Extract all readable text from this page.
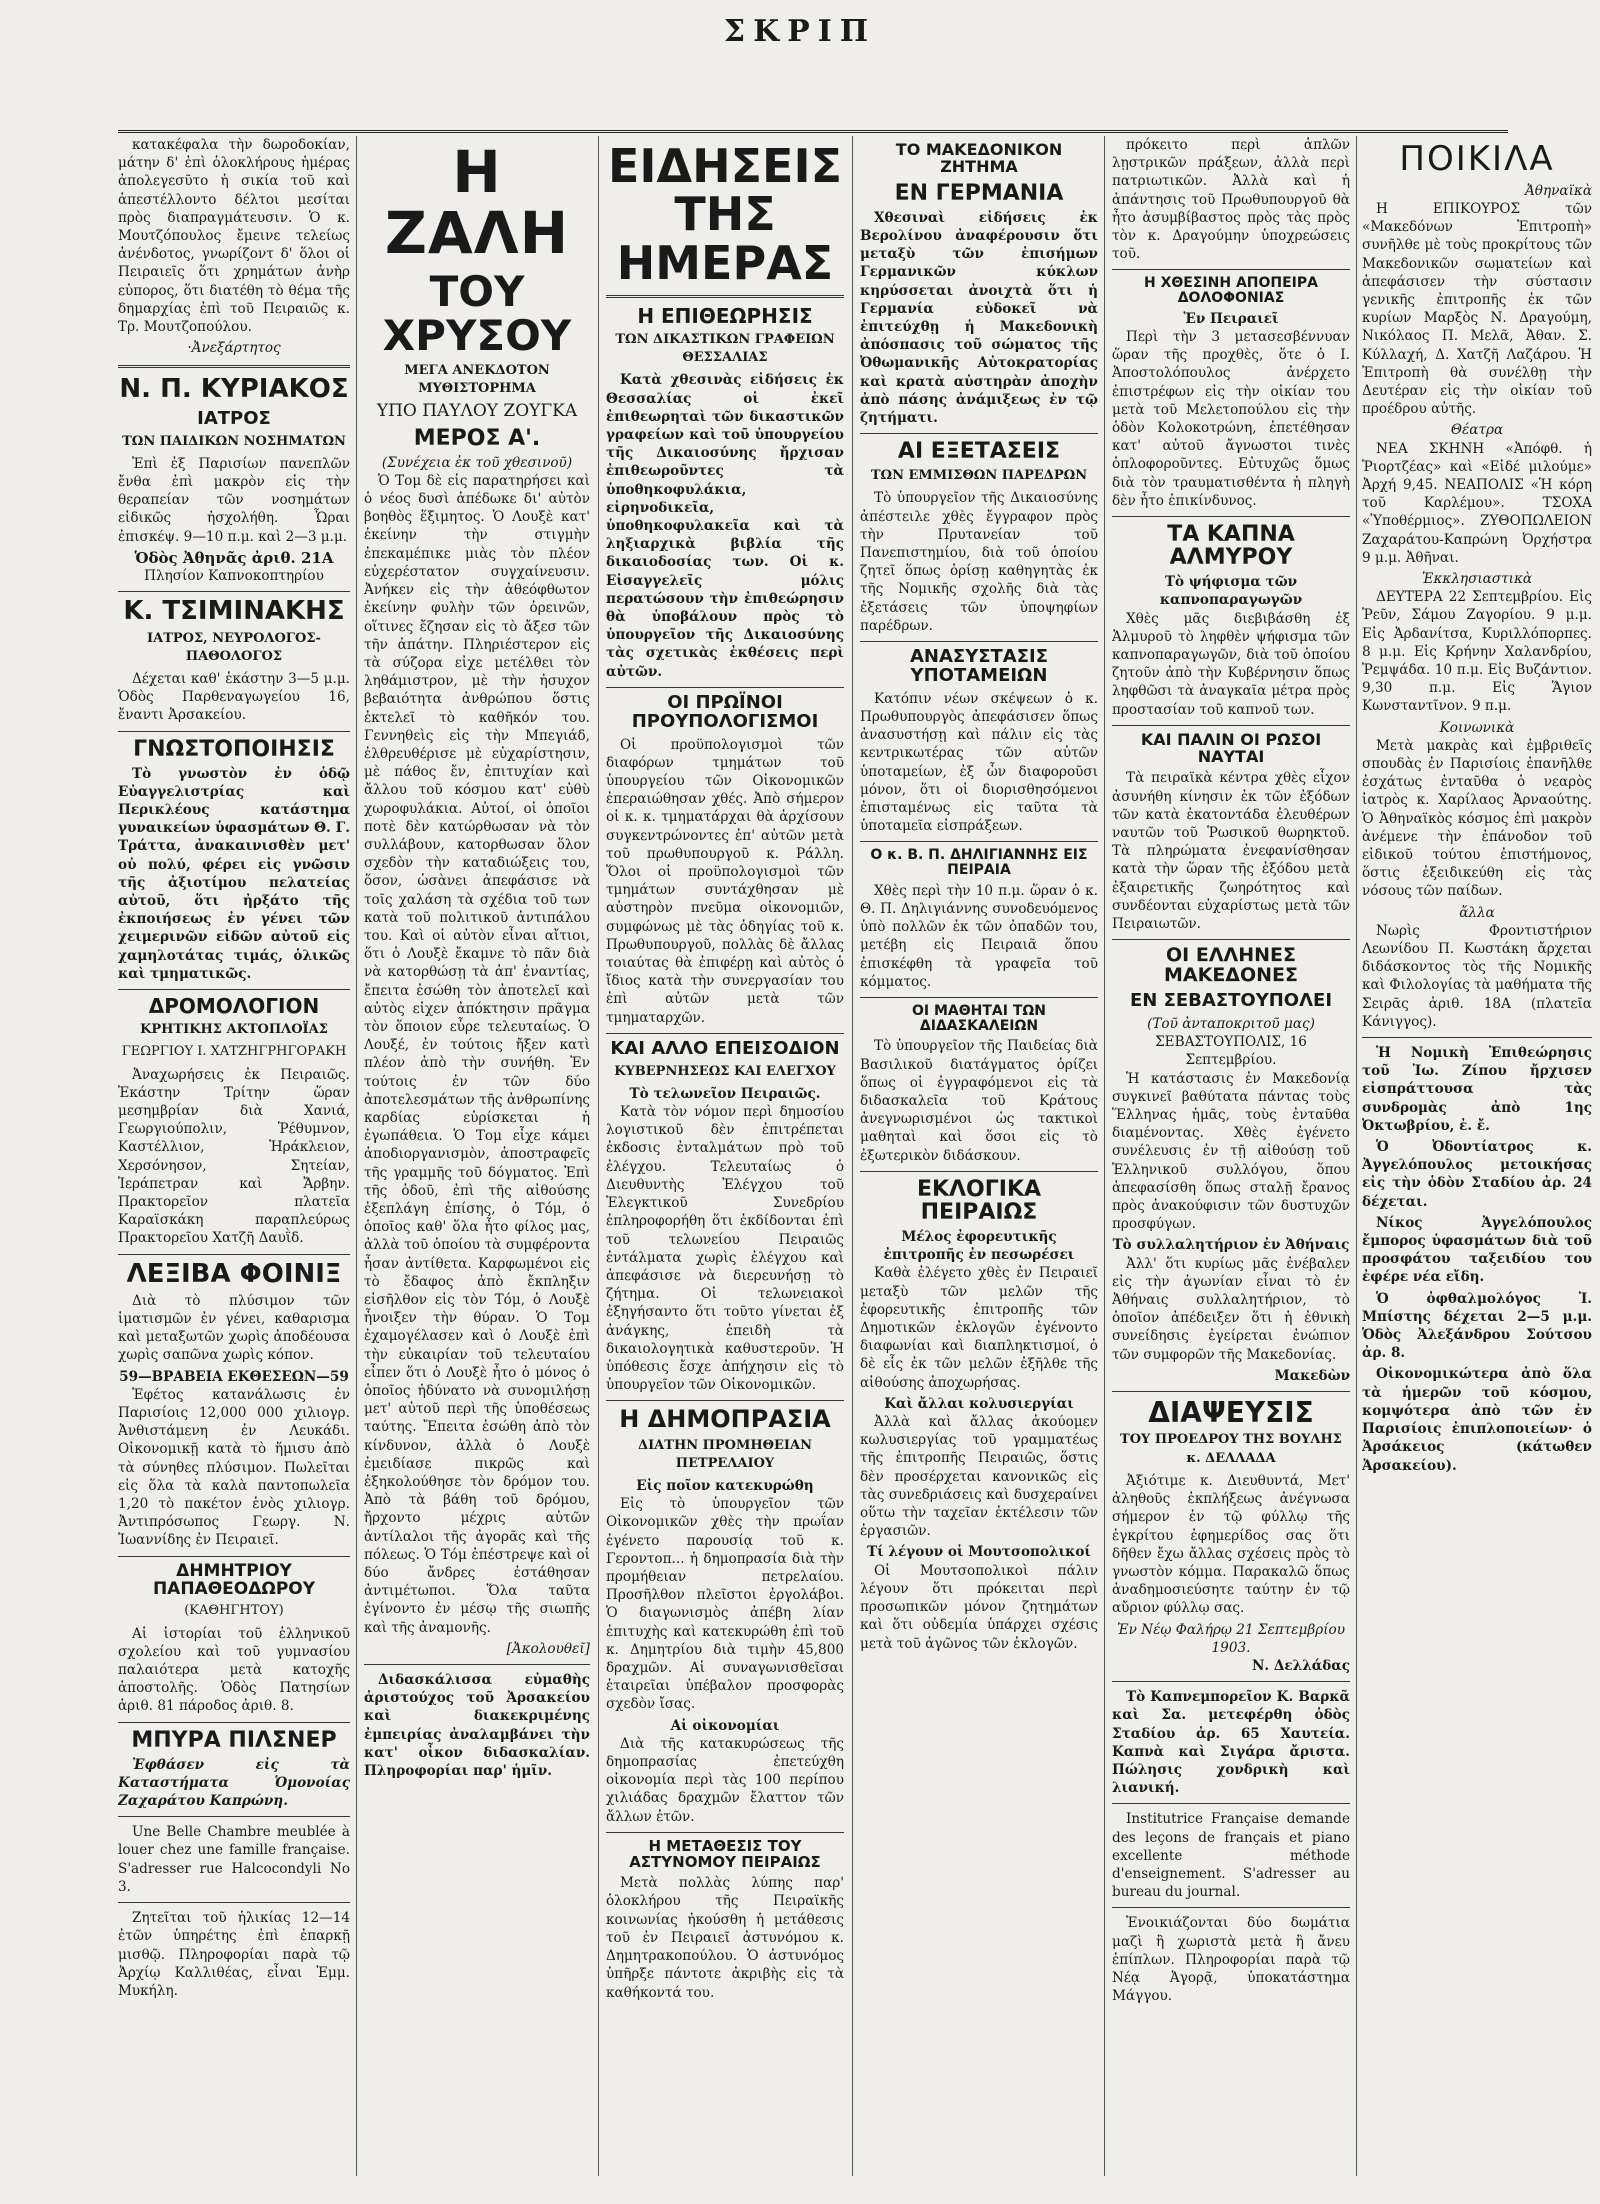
ΣΚΡΙΠ

κατακέφαλα τὴν δωροδοκίαν, μάτην δ' ἐπὶ ὁλοκλήρους ἡμέρας ἀπολεγεσῦτο ἡ σικία τοῦ καὶ ἀπεστέλλοντο δέλτοι μεσίται πρὸς διαπραγμάτευσιν. Ὁ κ. Μουτζόπουλος ἔμεινε τελείως ἀνένδοτος, γνωρίζοντ δ' ὅλοι οἱ Πειραιεῖς ὅτι χρημάτων ἀνὴρ εὐπορος, ὅτι διατέθη τὸ θέμα τῆς δημαρχίας ἐπὶ τοῦ Πειραιῶς κ. Τρ. Μουτζοπούλου.

·Ἀνεξάρτητος
Ν. Π. ΚΥΡΙΑΚΟΣ
ΙΑΤΡΟΣ
ΤΩΝ ΠΑΙΔΙΚΩΝ ΝΟΣΗΜΑΤΩΝ

Ἐπὶ ἐξ Παρισίων πανεπλῶν ἔνθα ἐπὶ μακρὸν εἰς τὴν θεραπείαν τῶν νοσημάτων εἰδικῶς ἠσχολήθη. Ὧραι ἐπισκέψ. 9—10 π.μ. καὶ 2—3 μ.μ.

Ὁδὸς Ἀθηνᾶς ἀριθ. 21Α
Πλησίον Καπνοκοπτηρίου
Κ. ΤΣΙΜΙΝΑΚΗΣ
ΙΑΤΡΟΣ, ΝΕΥΡΟΛΟΓΟΣ-ΠΑΘΟΛΟΓΟΣ

Δέχεται καθ' ἑκάστην 3—5 μ.μ. Ὁδὸς Παρθεναγωγείου 16, ἔναντι Ἀρσακείου.

ΓΝΩΣΤΟΠΟΙΗΣΙΣ

Τὸ γνωστὸν ἐν ὁδῷ Εὐαγγελιστρίας καὶ Περικλέους κατάστημα γυναικείων ὑφασμάτων Θ. Γ. Τράττα, ἀνακαινισθὲν μετ' οὐ πολύ, φέρει εἰς γνῶσιν τῆς ἀξιοτίμου πελατείας αὐτοῦ, ὅτι ἠρξάτο τῆς ἐκποιήσεως ἐν γένει τῶν χειμερινῶν εἰδῶν αὐτοῦ εἰς χαμηλοτάτας τιμάς, ὁλικῶς καὶ τμηματικῶς.

ΔΡΟΜΟΛΟΓΙΟΝ
ΚΡΗΤΙΚΗΣ ΑΚΤΟΠΛΟΪΑΣ
ΓΕΩΡΓΙΟΥ Ι. ΧΑΤΖΗΓΡΗΓΟΡΑΚΗ

Ἀναχωρήσεις ἐκ Πειραιῶς. Ἑκάστην Τρίτην ὥραν μεσημβρίαν διὰ Χανιά, Γεωργιούπολιν, Ῥέθυμνον, Καστέλλιον, Ἡράκλειον, Χερσόνησον, Σητείαν, Ἱεράπετραν καὶ Ἄρβην. Πρακτορεῖον πλατεῖα Καραϊσκάκη παραπλεύρως Πρακτορεῖου Χατζῆ Δαυῒδ.

ΛΕΞΙΒΑ ΦΟΙΝΙΞ

Διὰ τὸ πλύσιμον τῶν ἱματισμῶν ἐν γένει, καθαρισμα καὶ μεταξωτῶν χωρὶς ἀποδέουσα χωρὶς σαπῶνα χωρὶς κόπον.

59—ΒΡΑΒΕΙΑ ΕΚΘΕΣΕΩΝ—59

Ἐφέτος κατανάλωσις ἐν Παρισίοις 12,000 000 χιλιογρ. Ἀνθιστάμενη ἐν Λευκάδι. Οἰκονομικῇ κατὰ τὸ ἥμισυ ἀπὸ τὰ σύνηθες πλύσιμον. Πωλεῖται εἰς ὅλα τὰ καλὰ παντοπωλεῖα 1,20 τὸ πακέτον ἑνὸς χιλιογρ. Ἀντιπρόσωπος Γεωργ. Ν. Ἰωαννίδης ἐν Πειραιεῖ.

ΔΗΜΗΤΡΙΟΥ ΠΑΠΑΘΕΟΔΩΡΟΥ
(ΚΑΘΗΓΗΤΟΥ)

Αἱ ἱστορίαι τοῦ ἑλληνικοῦ σχολείου καὶ τοῦ γυμνασίου παλαιότερα μετὰ κατοχῆς ἀποστολῆς. Ὁδὸς Πατησίων ἀριθ. 81 πάροδος ἀριθ. 8.

ΜΠΥΡΑ ΠΙΛΣΝΕΡ

Ἐφθάσεν εἰς τὰ Καταστήματα Ὁμονοίας Ζαχαράτου Καπρώνη.

Une Belle Chambre meublée à louer chez une famille française. S'adresser rue Halcocondyli No 3.

Ζητεῖται τοῦ ἡλικίας 12—14 ἐτῶν ὑπηρέτης ἐπὶ ἐπαρκῇ μισθῷ. Πληροφορίαι παρὰ τῷ Ἀρχίῳ Καλλιθέας, εἶναι Ἐμμ. Μυκήλη.

Η ΖΑΛΗ
ΤΟΥ ΧΡΥΣΟΥ
ΜΕΓΑ ΑΝΕΚΔΟΤΟΝ ΜΥΘΙΣΤΟΡΗΜΑ
ΥΠΟ ΠΑΥΛΟΥ ΖΟΥΓΚΑ
ΜΕΡΟΣ Α'.
(Συνέχεια ἐκ τοῦ χθεσινοῦ)

Ὁ Τομ δὲ εἰς παρατηρήσει καὶ ὁ νέος δυσὶ ἀπέδωκε δι' αὐτὸν βοηθὸς ἕξιμητος. Ὁ Λουξὲ κατ' ἐκείνην τὴν στιγμὴν ἐπεκαμέπικε μιὰς τὸν πλέον εὐχερέστατον συγχαίνευσιν. Ἀνήκεν εἰς τὴν ἀθεόφθωτον ἐκείνην φυλὴν τῶν ὀρεινῶν, οἵτινες ἔζησαν εἰς τὸ ἄξεσ τῶν τῆν ἀπάτην. Πληριέστερον εἰς τὰ σύζορα εἰχε μετέλθει τὸν ληθάμιστρον, μὲ τὴν ἠσυχον βεβαιότητα ἀνθρώπου ὅστις ἐκτελεῖ τὸ καθῆκόν του. Γεννηθεὶς εἰς τὴν Μπεγιάδ, ἐλθρευθέρισε μὲ εὐχαρίστησιν, μὲ πάθος ἔν, ἐπιτυχίαν καὶ ἄλλου τοῦ κόσμου κατ' εὐθὺ χωροφυλάκια. Αὐτοί, οἱ ὁποῖοι ποτὲ δὲν κατώρθωσαν νὰ τὸν συλλάβουν, κατορθωσαν ὅλον σχεδὸν τὴν καταδιώξεις του, ὅσον, ὡσὰνει ἀπεφάσισε νὰ τοῖς χαλάση τὰ σχέδια τοῦ των κατὰ τοῦ πολιτικοῦ ἀντιπάλου του. Καὶ οἱ αὐτὸν εἶναι αἴτιοι, ὅτι ὁ Λουξὲ ἔκαμνε τὸ πᾶν διὰ νὰ κατορθώσῃ τὰ ἀπ' ἐναντίας, ἔπειτα ἐσώθη τὸν ἀποτελεῖ καὶ αὐτὸς εἰχεν ἀπόκτησιν πρᾶγμα τὸν ὅποιον εὗρε τελευταίως. Ὁ Λουξέ, ἐν τούτοις ἤξεν κατὶ πλέον ἀπὸ τὴν συνήθη. Ἐν τούτοις ἐν τῶν δύο ἀποτελεσμάτων τῆς ἀνθρωπίνης καρδίας εὑρίσκεται ἡ ἐγωπάθεια. Ὁ Τομ εἶχε κάμει ἀποδιοργανισμὸν, ἀποστραφεῖς τῆς γραμμῆς τοῦ δόγματος. Ἐπὶ τῆς ὁδοῦ, ἐπὶ τῆς αἰθούσης ἐξεπλάγη ἐπίσης, ὁ Τόμ, ὁ ὁποῖος καθ' ὅλα ἦτο φίλος μας, ἀλλὰ τοῦ ὁποίου τὰ συμφέροντα ἦσαν ἀντίθετα. Καρφωμένοι εἰς τὸ ἔδαφος ἀπὸ ἔκπληξιν εἰσῆλθον εἰς τὸν Τόμ, ὁ Λουξὲ ἦνοιξεν τὴν θύραν. Ὁ Τομ ἐχαμογέλασεν καὶ ὁ Λουξὲ ἐπὶ τὴν εὐκαιρίαν τοῦ τελευταίου εἶπεν ὅτι ὁ Λουξὲ ἦτο ὁ μόνος ὁ ὁποῖος ἠδύνατο νὰ συνομιλήσῃ μετ' αὐτοῦ περὶ τῆς ὑποθέσεως ταύτης. Ἔπειτα ἐσώθη ἀπὸ τὸν κίνδυνον, ἀλλὰ ὁ Λουξὲ ἐμειδίασε πικρῶς καὶ ἐξηκολούθησε τὸν δρόμον του. Ἀπὸ τὰ βάθη τοῦ δρόμου, ἤρχοντο μέχρις αὐτῶν ἀντίλαλοι τῆς ἀγορᾶς καὶ τῆς πόλεως. Ὁ Τόμ ἐπέστρεψε καὶ οἱ δύο ἄνδρες ἐστάθησαν ἀντιμέτωποι. Ὅλα ταῦτα ἐγίνοντο ἐν μέσῳ τῆς σιωπῆς καὶ τῆς ἀναμονῆς.

[Ἀκολουθεῖ]

Διδασκάλισσα εὐμαθὴς ἀριστούχος τοῦ Ἀρσακείου καὶ διακεκριμένης ἐμπειρίας ἀναλαμβάνει τὴν κατ' οἶκον διδασκαλίαν. Πληροφορίαι παρ' ἡμῖν.

ΕΙΔΗΣΕΙΣ ΤΗΣ ΗΜΕΡΑΣ
Η ΕΠΙΘΕΩΡΗΣΙΣ
ΤΩΝ ΔΙΚΑΣΤΙΚΩΝ ΓΡΑΦΕΙΩΝ ΘΕΣΣΑΛΙΑΣ

Κατὰ χθεσινὰς εἰδήσεις ἐκ Θεσσαλίας οἱ ἐκεῖ ἐπιθεωρηταὶ τῶν δικαστικῶν γραφείων καὶ τοῦ ὑπουργείου τῆς Δικαιοσύνης ἤρχισαν ἐπιθεωροῦντες τὰ ὑποθηκοφυλάκια, εἰρηνοδικεῖα, ὑποθηκοφυλακεῖα καὶ τὰ ληξιαρχικὰ βιβλία τῆς δικαιοδοσίας των. Οἱ κ. Εἰσαγγελεῖς μόλις περατώσουν τὴν ἐπιθεώρησιν θὰ ὑποβάλουν πρὸς τὸ ὑπουργεῖον τῆς Δικαιοσύνης τὰς σχετικὰς ἐκθέσεις περὶ αὐτῶν.

ΟΙ ΠΡΩΪΝΟΙ ΠΡΟΥΠΟΛΟΓΙΣΜΟΙ

Οἱ προϋπολογισμοὶ τῶν διαφόρων τμημάτων τοῦ ὑπουργείου τῶν Οἰκονομικῶν ἐπεραιώθησαν χθές. Ἀπὸ σήμερον οἱ κ. κ. τμηματάρχαι θὰ ἀρχίσουν συγκεντρώνοντες ἐπ' αὐτῶν μετὰ τοῦ πρωθυπουργοῦ κ. Ράλλη. Ὅλοι οἱ προϋπολογισμοὶ τῶν τμημάτων συντάχθησαν μὲ αὐστηρὸν πνεῦμα οἰκονομιῶν, συμφώνως μὲ τὰς ὁδηγίας τοῦ κ. Πρωθυπουργοῦ, πολλὰς δὲ ἄλλας τοιαύτας θὰ ἐπιφέρῃ καὶ αὐτὸς ὁ ἴδιος κατὰ τὴν συνεργασίαν του ἐπὶ αὐτῶν μετὰ τῶν τμηματαρχῶν.

ΚΑΙ ΑΛΛΟ ΕΠΕΙΣΟΔΙΟΝ
ΚΥΒΕΡΝΗΣΕΩΣ ΚΑΙ ΕΛΕΓΧΟΥ
Τὸ τελωνεῖον Πειραιῶς.

Κατὰ τὸν νόμον περὶ δημοσίου λογιστικοῦ δὲν ἐπιτρέπεται ἐκδοσις ἐνταλμάτων πρὸ τοῦ ἐλέγχου. Τελευταίως ὁ Διευθυντὴς Ἐλέγχου τοῦ Ἐλεγκτικοῦ Συνεδρίου ἐπληροφορήθη ὅτι ἐκδίδονται ἐπὶ τοῦ τελωνείου Πειραιῶς ἐντάλματα χωρὶς ἐλέγχου καὶ ἀπεφάσισε νὰ διερευνήσῃ τὸ ζήτημα. Οἱ τελωνειακοὶ ἐξηγήσαντο ὅτι τοῦτο γίνεται ἐξ ἀνάγκης, ἐπειδὴ τὰ δικαιολογητικὰ καθυστεροῦν. Ἡ ὑπόθεσις ἔσχε ἀπήχησιν εἰς τὸ ὑπουργεῖον τῶν Οἰκονομικῶν.

Η ΔΗΜΟΠΡΑΣΙΑ
ΔΙΑΤΗΝ ΠΡΟΜΗΘΕΙΑΝ ΠΕΤΡΕΛΑΙΟΥ
Εἰς ποῖον κατεκυρώθη

Εἰς τὸ ὑπουργεῖον τῶν Οἰκονομικῶν χθὲς τὴν πρωΐαν ἐγένετο παρουσίᾳ τοῦ κ. Γεροντοπ... ἡ δημοπρασία διὰ τὴν προμήθειαν πετρελαίου. Προσῆλθον πλεῖστοι ἐργολάβοι. Ὁ διαγωνισμὸς ἀπέβη λίαν ἐπιτυχὴς καὶ κατεκυρώθη ἐπὶ τοῦ κ. Δημητρίου διὰ τιμὴν 45,800 δραχμῶν. Αἱ συναγωνισθεῖσαι ἑταιρεῖαι ὑπέβαλον προσφορὰς σχεδὸν ἴσας.

Αἱ οἰκονομίαι

Διὰ τῆς κατακυρώσεως τῆς δημοπρασίας ἐπετεύχθη οἰκονομία περὶ τὰς 100 περίπου χιλιάδας δραχμῶν ἔλαττον τῶν ἄλλων ἐτῶν.

Η ΜΕΤΑΘΕΣΙΣ ΤΟΥ ΑΣΤΥΝΟΜΟΥ ΠΕΙΡΑΙΩΣ

Μετὰ πολλὰς λύπης παρ' ὁλοκλήρου τῆς Πειραϊκῆς κοινωνίας ἠκούσθη ἡ μετάθεσις τοῦ ἐν Πειραιεῖ ἀστυνόμου κ. Δημητρακοπούλου. Ὁ ἀστυνόμος ὑπῆρξε πάντοτε ἀκριβὴς εἰς τὰ καθήκοντά του.

ΤΟ ΜΑΚΕΔΟΝΙΚΟΝ ΖΗΤΗΜΑ
ΕΝ ΓΕΡΜΑΝΙΑ

Χθεσιναὶ εἰδήσεις ἐκ Βερολίνου ἀναφέρουσιν ὅτι μεταξὺ τῶν ἐπισήμων Γερμανικῶν κύκλων κηρύσσεται ἀνοιχτὰ ὅτι ἡ Γερμανία εὐδοκεῖ νὰ ἐπιτεύχθῃ ἡ Μακεδονικὴ ἀπόσπασις τοῦ σώματος τῆς Ὀθωμανικῆς Αὐτοκρατορίας καὶ κρατὰ αὐστηρὰν ἀποχὴν ἀπὸ πάσης ἀνάμιξεως ἐν τῷ ζητήματι.

ΑΙ ΕΞΕΤΑΣΕΙΣ
ΤΩΝ ΕΜΜΙΣΘΩΝ ΠΑΡΕΔΡΩΝ

Τὸ ὑπουργεῖον τῆς Δικαιοσύνης ἀπέστειλε χθὲς ἔγγραφον πρὸς τὴν Πρυτανείαν τοῦ Πανεπιστημίου, διὰ τοῦ ὁποίου ζητεῖ ὅπως ὁρίσῃ καθηγητὰς ἐκ τῆς Νομικῆς σχολῆς διὰ τὰς ἐξετάσεις τῶν ὑποψηφίων παρέδρων.

ΑΝΑΣΥΣΤΑΣΙΣ ΥΠΟΤΑΜΕΙΩΝ

Κατόπιν νέων σκέψεων ὁ κ. Πρωθυπουργὸς ἀπεφάσισεν ὅπως ἀνασυστήσῃ καὶ πάλιν εἰς τὰς κεντρικωτέρας τῶν αὐτῶν ὑποταμείων, ἐξ ὧν διαφοροῦσι μόνον, ὅτι οἱ διορισθησόμενοι ἐπισταμένως εἰς ταῦτα τὰ ὑποταμεῖα εἰσπράξεων.

Ο κ. Β. Π. ΔΗΛΙΓΙΑΝΝΗΣ ΕΙΣ ΠΕΙΡΑΙΑ

Χθὲς περὶ τὴν 10 π.μ. ὥραν ὁ κ. Θ. Π. Δηλιγιάννης συνοδευόμενος ὑπὸ πολλῶν ἐκ τῶν ὀπαδῶν του, μετέβη εἰς Πειραιᾶ ὅπου ἐπισκέφθη τὰ γραφεῖα τοῦ κόμματος.

ΟΙ ΜΑΘΗΤΑΙ ΤΩΝ ΔΙΔΑΣΚΑΛΕΙΩΝ

Τὸ ὑπουργεῖον τῆς Παιδείας διὰ Βασιλικοῦ διατάγματος ὁρίζει ὅπως οἱ ἐγγραφόμενοι εἰς τὰ διδασκαλεῖα τοῦ Κράτους ἀνεγνωρισμένοι ὡς τακτικοὶ μαθηταὶ καὶ ὅσοι εἰς τὸ ἐξωτερικὸν διδάσκουν.

ΕΚΛΟΓΙΚΑ ΠΕΙΡΑΙΩΣ
Μέλος ἐφορευτικῆς ἐπιτροπῆς ἐν πεσωρέσει

Καθὰ ἐλέγετο χθὲς ἐν Πειραιεῖ μεταξὺ τῶν μελῶν τῆς ἐφορευτικῆς ἐπιτροπῆς τῶν Δημοτικῶν ἐκλογῶν ἐγένοντο διαφωνίαι καὶ διαπληκτισμοί, ὁ δὲ εἷς ἐκ τῶν μελῶν ἐξῆλθε τῆς αἰθούσης ἀποχωρήσας.

Καὶ ἄλλαι κολυσιεργίαι

Ἀλλὰ καὶ ἄλλας ἀκούομεν κωλυσιεργίας τοῦ γραμματέως τῆς ἐπιτροπῆς Πειραιῶς, ὅστις δὲν προσέρχεται κανονικῶς εἰς τὰς συνεδριάσεις καὶ δυσχεραίνει οὕτω τὴν ταχεῖαν ἐκτέλεσιν τῶν ἐργασιῶν.

Τί λέγουν οἱ Μουτσοπολικοί

Οἱ Μουτσοπολικοὶ πάλιν λέγουν ὅτι πρόκειται περὶ προσωπικῶν μόνον ζητημάτων καὶ ὅτι οὐδεμία ὑπάρχει σχέσις μετὰ τοῦ ἀγῶνος τῶν ἐκλογῶν.

πρόκειτο περὶ ἁπλῶν λῃστρικῶν πράξεων, ἀλλὰ περὶ πατριωτικῶν. Ἀλλὰ καὶ ἡ ἀπάντησις τοῦ Πρωθυπουργοῦ θὰ ἦτο ἀσυμβίβαστος πρὸς τὰς πρὸς τὸν κ. Δραγούμην ὑποχρεώσεις τοῦ.

Η ΧΘΕΣΙΝΗ ΑΠΟΠΕΙΡΑ ΔΟΛΟΦΟΝΙΑΣ
Ἐν Πειραιεῖ

Περὶ τὴν 3 μετασεσβέννυαν ὥραν τῆς προχθὲς, ὅτε ὁ Ι. Ἀποστολόπουλος ἀνέρχετο ἐπιστρέφων εἰς τὴν οἰκίαν του μετὰ τοῦ Μελετοπούλου εἰς τὴν ὁδὸν Κολοκοτρώνη, ἐπετέθησαν κατ' αὐτοῦ ἄγνωστοι τινὲς ὁπλοφοροῦντες. Εὐτυχῶς ὅμως διὰ τὸν τραυματισθέντα ἡ πληγὴ δὲν ἦτο ἐπικίνδυνος.

ΤΑ ΚΑΠΝΑ ΑΛΜΥΡΟΥ
Τὸ ψήφισμα τῶν καπνοπαραγωγῶν

Χθὲς μᾶς διεβιβάσθη ἐξ Ἁλμυροῦ τὸ ληφθὲν ψήφισμα τῶν καπνοπαραγωγῶν, διὰ τοῦ ὁποίου ζητοῦν ἀπὸ τὴν Κυβέρνησιν ὅπως ληφθῶσι τὰ ἀναγκαῖα μέτρα πρὸς προστασίαν τοῦ καπνοῦ των.

ΚΑΙ ΠΑΛΙΝ ΟΙ ΡΩΣΟΙ ΝΑΥΤΑΙ

Τὰ πειραϊκὰ κέντρα χθὲς εἶχον ἀσυνήθη κίνησιν ἐκ τῶν ἐξόδων τῶν κατὰ ἐκατοντάδα ἐλευθέρων ναυτῶν τοῦ Ῥωσικοῦ θωρηκτοῦ. Τὰ πληρώματα ἐνεφανίσθησαν κατὰ τὴν ὥραν τῆς ἐξόδου μετὰ ἐξαιρετικῆς ζωηρότητος καὶ συνδέονται εὐχαρίστως μετὰ τῶν Πειραιωτῶν.

ΟΙ ΕΛΛΗΝΕΣ ΜΑΚΕΔΟΝΕΣ
ΕΝ ΣΕΒΑΣΤΟΥΠΟΛΕΙ
(Τοῦ ἀνταποκριτοῦ μας)
ΣΕΒΑΣΤΟΥΠΟΛΙΣ, 16 Σεπτεμβρίου.

Ἡ κατάστασις ἐν Μακεδονίᾳ συγκινεῖ βαθύτατα πάντας τοὺς Ἕλληνας ἡμᾶς, τοὺς ἐνταῦθα διαμένοντας. Χθὲς ἐγένετο συνέλευσις ἐν τῇ αἰθούσῃ τοῦ Ἑλληνικοῦ συλλόγου, ὅπου ἀπεφασίσθη ὅπως σταλῇ ἔρανος πρὸς ἀνακούφισιν τῶν δυστυχῶν προσφύγων.

Τὸ συλλαλητήριον ἐν Ἀθήναις

Ἀλλ' ὅτι κυρίως μᾶς ἐνέβαλεν εἰς τὴν ἀγωνίαν εἶναι τὸ ἐν Ἀθήναις συλλαλητήριον, τὸ ὁποῖον ἀπέδειξεν ὅτι ἡ ἐθνικὴ συνείδησις ἐγείρεται ἐνώπιον τῶν συμφορῶν τῆς Μακεδονίας.

Μακεδὼν
ΔΙΑΨΕΥΣΙΣ
ΤΟΥ ΠΡΟΕΔΡΟΥ ΤΗΣ ΒΟΥΛΗΣ κ. ΔΕΛΛΑΔΑ

Ἀξιότιμε κ. Διευθυντά, Μετ' ἀληθοῦς ἐκπλήξεως ἀνέγνωσα σήμερον ἐν τῷ φύλλῳ τῆς ἐγκρίτου ἐφημερίδος σας ὅτι δῆθεν ἔχω ἄλλας σχέσεις πρὸς τὸ γνωστὸν κόμμα. Παρακαλῶ ὅπως ἀναδημοσιεύσητε ταύτην ἐν τῷ αὔριον φύλλῳ σας.

Ἐν Νέῳ Φαλήρῳ 21 Σεπτεμβρίου 1903.
Ν. Δελλάδας

Τὸ Καπνεμπορεῖον Κ. Βαρκᾶ καὶ Σα. μετεφέρθη ὁδὸς Σταδίου ἀρ. 65 Χαυτεία. Καπνὰ καὶ Σιγάρα ἄριστα. Πώλησις χονδρικὴ καὶ λιανική.

Institutrice Française demande des leçons de français et piano excellente méthode d'enseignement. S'adresser au bureau du journal.

Ἐνοικιάζονται δύο δωμάτια μαζὶ ἢ χωριστὰ μετὰ ἢ ἄνευ ἐπίπλων. Πληροφορίαι παρὰ τῷ Νέᾳ Ἀγορᾷ, ὑποκατάστημα Μάγγου.

ΠΟΙΚΙΛΑ
Ἀθηναϊκὰ

Η ΕΠΙΚΟΥΡΟΣ τῶν «Μακεδόνων Ἐπιτροπὴ» συνῆλθε μὲ τοὺς προκρίτους τῶν Μακεδονικῶν σωματείων καὶ ἀπεφάσισεν τὴν σύστασιν γενικῆς ἐπιτροπῆς ἐκ τῶν κυρίων Μαρξὸς Ν. Δραγούμη, Νικόλαος Π. Μελᾶ, Ἀθαν. Σ. Κύλλαχή, Δ. Χατζῆ Λαζάρου. Ἡ Ἐπιτροπὴ θὰ συνέλθῃ τὴν Δευτέραν εἰς τὴν οἰκίαν τοῦ προέδρου αὐτῆς.

Θέατρα

ΝΕΑ ΣΚΗΝΗ «Ἀπόφθ. ἡ Ῥιορτζέας» καὶ «Εἰδέ μιλούμε» Ἀρχή 9,45. ΝΕΑΠΟΛΙΣ «Ἡ κόρη τοῦ Καρλέμου». ΤΣΟΧΑ «Ὑποθέρμιος». ΖΥΘΟΠΩΛΕΙΟΝ Ζαχαράτου-Καπρώνη Ὀρχήστρα 9 μ.μ. Ἀθῆναι.

Ἐκκλησιαστικὰ

ΔΕΥΤΕΡΑ 22 Σεπτεμβρίου. Εἰς Ῥεῦν, Σάμου Ζαγορίου. 9 μ.μ. Εἰς Ἀρδανίτσα, Κυριλλόπορπες. 8 μ.μ. Εἰς Κρήνην Χαλανδρίου, Ῥεμψάδα. 10 π.μ. Εἰς Βυζάντιον. 9,30 π.μ. Εἰς Ἅγιον Κωνσταντῖνον. 9 π.μ.

Κοινωνικὰ

Μετὰ μακρὰς καὶ ἐμβριθεῖς σπουδὰς ἐν Παρισίοις ἐπανῆλθε ἐσχάτως ἐνταῦθα ὁ νεαρὸς ἰατρὸς κ. Χαρίλαος Ἀρναούτης. Ὁ Ἀθηναϊκὸς κόσμος ἐπὶ μακρὸν ἀνέμενε τὴν ἐπάνοδον τοῦ εἰδικοῦ τούτου ἐπιστήμονος, ὅστις ἐξειδικεύθη εἰς τὰς νόσους τῶν παίδων.

ἄλλα

Νωρὶς Φροντιστήριον Λεωνίδου Π. Κωστάκη ἄρχεται διδάσκοντος τὸς τῆς Νομικῆς καὶ Φιλολογίας τὰ μαθήματα τῆς Σειρᾶς ἀριθ. 18Α (πλατεῖα Κάνιγγος).

Ἡ Νομικὴ Ἐπιθεώρησις τοῦ Ἰω. Ζίπου ἤρχισεν εἰσπράττουσα τὰς συνδρομὰς ἀπὸ 1ης Ὀκτωβρίου, ἐ. ἔ.

Ὁ Ὀδοντίατρος κ. Ἀγγελόπουλος μετοικήσας εἰς τὴν ὁδὸν Σταδίου ἀρ. 24 δέχεται.

Νίκος Ἀγγελόπουλος ἔμπορος ὑφασμάτων διὰ τοῦ προσφάτου ταξειδίου του ἐφέρε νέα εἴδη.

Ὁ ὀφθαλμολόγος Ἰ. Μπίστης δέχεται 2—5 μ.μ. Ὁδὸς Ἀλεξάνδρου Σούτσου ἀρ. 8.

Οἰκονομικώτερα ἀπὸ ὅλα τὰ ἡμερῶν τοῦ κόσμου, κομψότερα ἀπὸ τῶν ἐν Παρισίοις ἐπιπλοποιείων· ὁ Ἀρσάκειος (κάτωθεν Ἀρσακείου).
